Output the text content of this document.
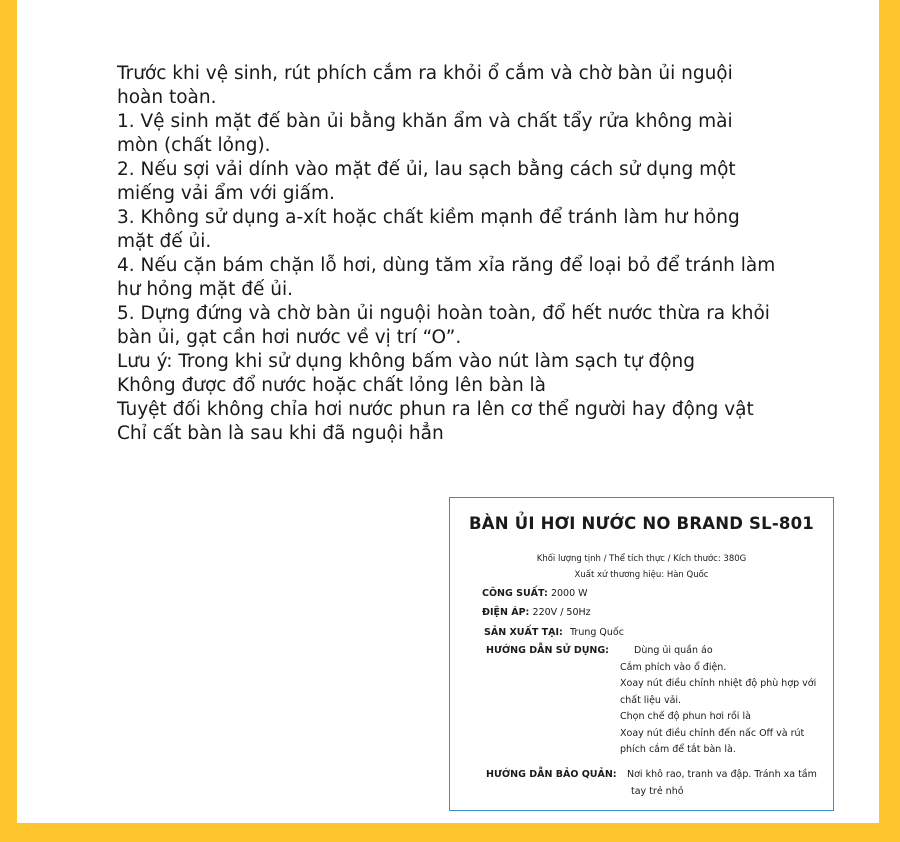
Trước khi vệ sinh, rút phích cắm ra khỏi ổ cắm và chờ bàn ủi nguội
hoàn toàn.
1. Vệ sinh mặt đế bàn ủi bằng khăn ẩm và chất tẩy rửa không mài
mòn (chất lỏng).
2. Nếu sợi vải dính vào mặt đế ủi, lau sạch bằng cách sử dụng một
miếng vải ẩm với giấm.
3. Không sử dụng a-xít hoặc chất kiềm mạnh để tránh làm hư hỏng
mặt đế ủi.
4. Nếu cặn bám chặn lỗ hơi, dùng tăm xỉa răng để loại bỏ để tránh làm
hư hỏng mặt đế ủi.
5. Dựng đứng và chờ bàn ủi nguội hoàn toàn, đổ hết nước thừa ra khỏi
bàn ủi, gạt cần hơi nước về vị trí “O”.
Lưu ý: Trong khi sử dụng không bấm vào nút làm sạch tự động
Không được đổ nước hoặc chất lỏng lên bàn là
Tuyệt đối không chỉa hơi nước phun ra lên cơ thể người hay động vật
Chỉ cất bàn là sau khi đã nguội hẳn
BÀN ỦI HƠI NƯỚC NO BRAND SL-801
Khối lượng tịnh / Thể tích thực / Kích thước: 380G
Xuất xứ thương hiệu: Hàn Quốc
CÔNG SUẤT: 2000 W
ĐIỆN ÁP: 220V / 50Hz
SẢN XUẤT TẠI: Trung Quốc
HƯỚNG DẪN SỬ DỤNG:	Dùng ủi quần áo
Cắm phích vào ổ điện.
Xoay nút điều chỉnh nhiệt độ phù hợp với
chất liệu vải.
Chọn chế độ phun hơi rồi là
Xoay nút điều chỉnh đến nấc Off và rút
phích cắm để tắt bàn là.
HƯỚNG DẪN BẢO QUẢN: Nơi khô rao, tranh va đập. Tránh xa tầm
tay trẻ nhỏ
